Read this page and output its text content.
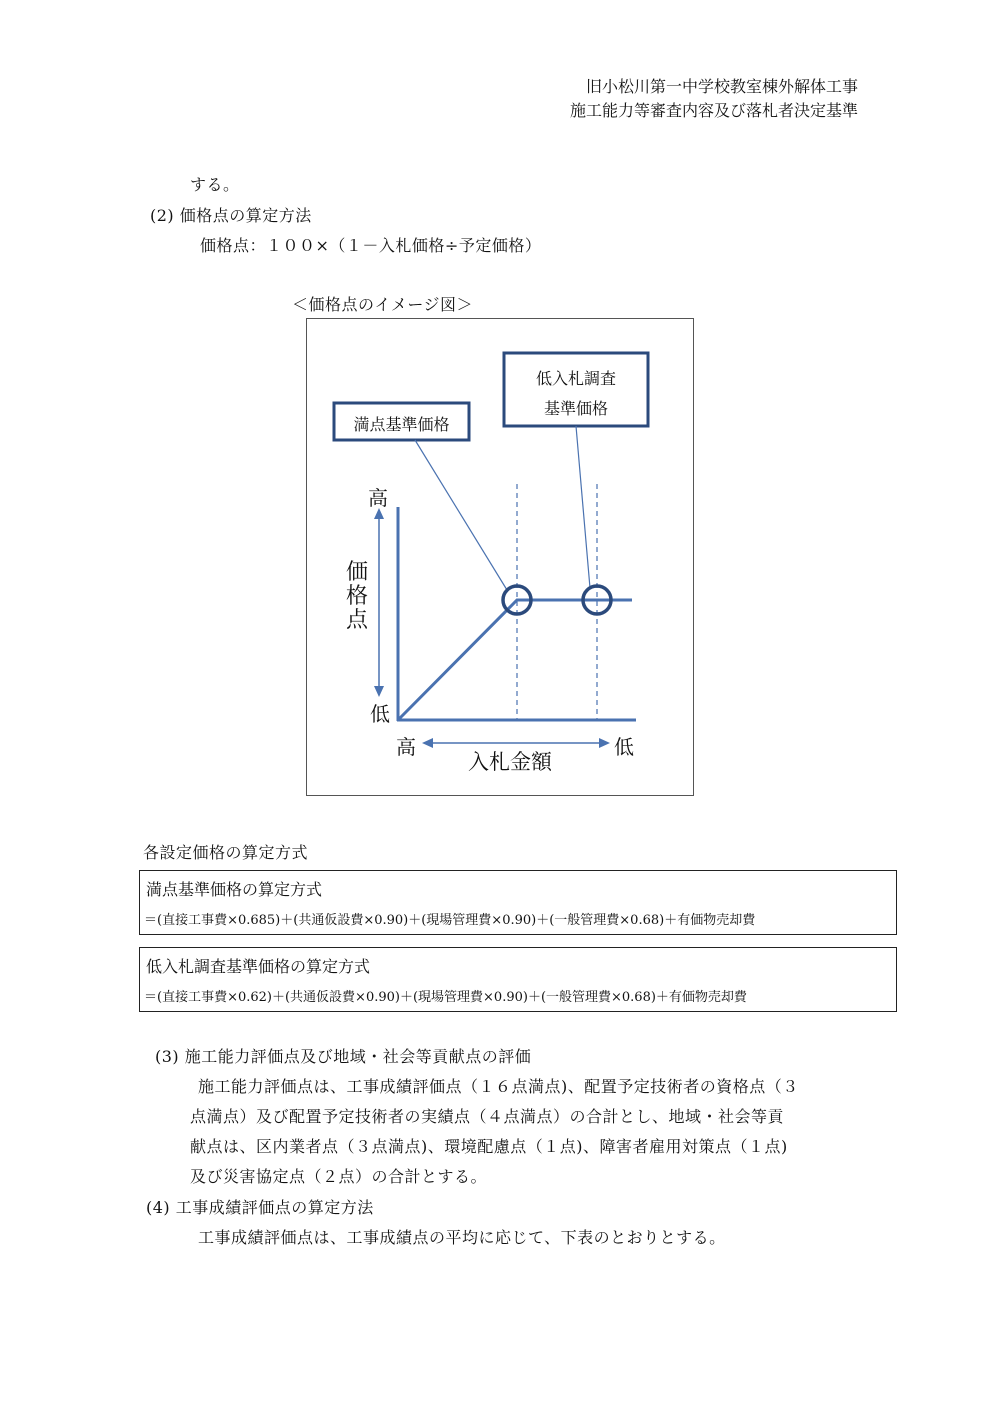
旧小松川第一中学校教室棟外解体工事
施工能力等審査内容及び落札者決定基準
する。
(2) 価格点の算定方法
価格点：１００×（１－入札価格÷予定価格）
＜価格点のイメージ図＞
満点基準価格
低入札調査
基準価格
高
低
価
格
点
高	低
入札金額
各設定価格の算定方式
満点基準価格の算定方式
＝(直接工事費×0.685)＋(共通仮設費×0.90)＋(現場管理費×0.90)＋(一般管理費×0.68)＋有価物売却費
低入札調査基準価格の算定方式
＝(直接工事費×0.62)＋(共通仮設費×0.90)＋(現場管理費×0.90)＋(一般管理費×0.68)＋有価物売却費
(3) 施工能力評価点及び地域・社会等貢献点の評価
施工能力評価点は、工事成績評価点（１６点満点)、配置予定技術者の資格点（３
点満点）及び配置予定技術者の実績点（４点満点）の合計とし、地域・社会等貢
献点は、区内業者点（３点満点)、環境配慮点（１点)、障害者雇用対策点（１点)
及び災害協定点（２点）の合計とする。
(4) 工事成績評価点の算定方法
工事成績評価点は、工事成績点の平均に応じて、下表のとおりとする。
